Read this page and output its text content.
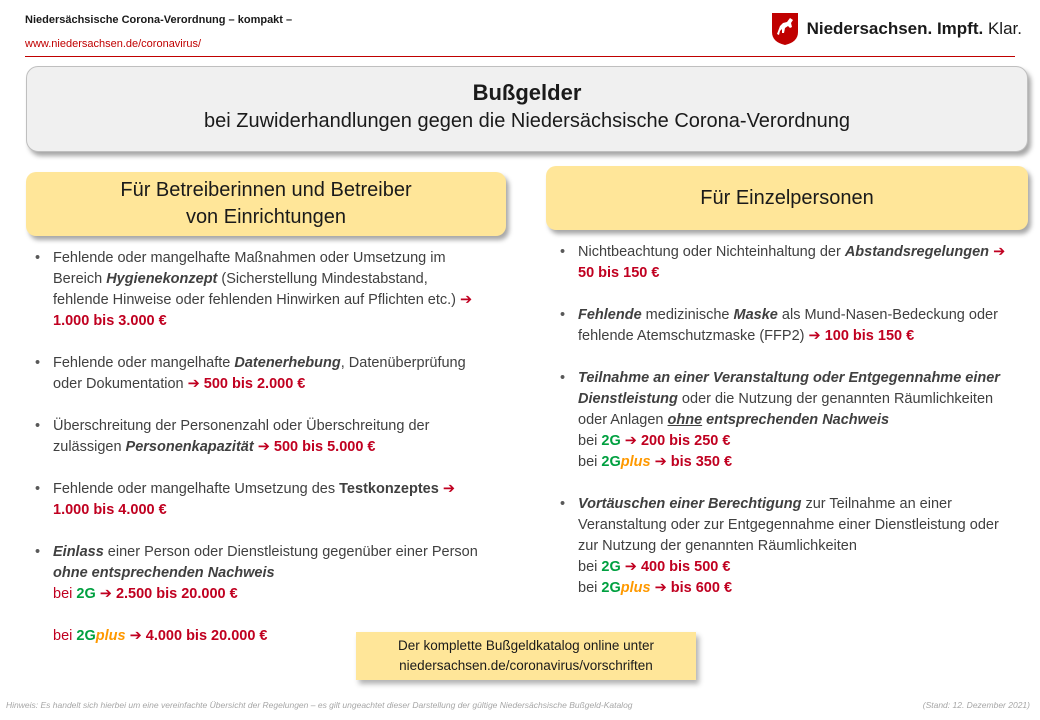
Niedersächsische Corona-Verordnung – kompakt –
www.niedersachsen.de/coronavirus/
Niedersachsen. Impft. Klar.
Bußgelder
bei Zuwiderhandlungen gegen die Niedersächsische Corona-Verordnung
Für Betreiberinnen und Betreiber
von Einrichtungen
Für Einzelpersonen
• Fehlende oder mangelhafte Maßnahmen oder Umsetzung im Bereich Hygienekonzept (Sicherstellung Mindestabstand, fehlende Hinweise oder fehlenden Hinwirken auf Pflichten etc.) ➔ 1.000 bis 3.000 €
• Fehlende oder mangelhafte Datenerhebung, Datenüberprüfung oder Dokumentation ➔ 500 bis 2.000 €
• Überschreitung der Personenzahl oder Überschreitung der zulässigen Personenkapazität ➔ 500 bis 5.000 €
• Fehlende oder mangelhafte Umsetzung des Testkonzeptes ➔ 1.000 bis 4.000 €
• Einlass einer Person oder Dienstleistung gegenüber einer Person ohne entsprechenden Nachweis
bei 2G ➔ 2.500 bis 20.000 €

bei 2Gplus ➔ 4.000 bis 20.000 €
• Nichtbeachtung oder Nichteinhaltung der Abstandsregelungen ➔ 50 bis 150 €
• Fehlende medizinische Maske als Mund-Nasen-Bedeckung oder fehlende Atemschutzmaske (FFP2) ➔ 100 bis 150 €
• Teilnahme an einer Veranstaltung oder Entgegennahme einer Dienstleistung oder die Nutzung der genannten Räumlichkeiten oder Anlagen ohne entsprechenden Nachweis
bei 2G ➔ 200 bis 250 €
bei 2Gplus ➔ bis 350 €
• Vortäuschen einer Berechtigung zur Teilnahme an einer Veranstaltung oder zur Entgegennahme einer Dienstleistung oder zur Nutzung der genannten Räumlichkeiten
bei 2G ➔ 400 bis 500 €
bei 2Gplus ➔ bis 600 €
Der komplette Bußgeldkatalog online unter
niedersachsen.de/coronavirus/vorschriften
Hinweis: Es handelt sich hierbei um eine vereinfachte Übersicht der Regelungen – es gilt ungeachtet dieser Darstellung der gültige Niedersächsische Bußgeld-Katalog	(Stand: 12. Dezember 2021)
